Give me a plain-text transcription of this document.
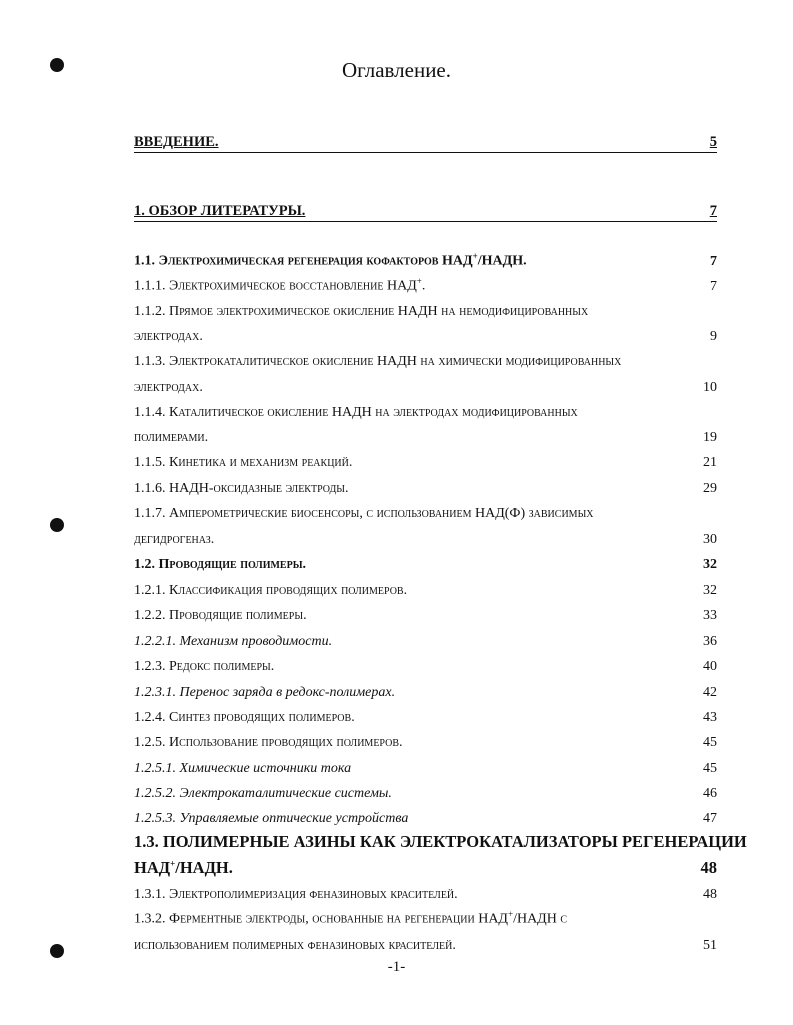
Оглавление.
ВВЕДЕНИЕ.	5
1. ОБЗОР ЛИТЕРАТУРЫ.	7
1.1. Электрохимическая регенерация кофакторов НАД+/НАДН.	7
1.1.1. Электрохимическое восстановление НАД+.	7
1.1.2. Прямое электрохимическое окисление НАДН на немодифицированных
электродах.	9
1.1.3. Электрокаталитическое окисление НАДН на химически модифицированных
электродах.	10
1.1.4. Каталитическое окисление НАДН на электродах модифицированных
полимерами.	19
1.1.5. Кинетика и механизм реакций.	21
1.1.6. НАДН-оксидазные электроды.	29
1.1.7. Амперометрические биосенсоры, с использованием НАД(Ф) зависимых
дегидрогеназ.	30
1.2. Проводящие полимеры.	32
1.2.1. Классификация проводящих полимеров.	32
1.2.2. Проводящие полимеры.	33
1.2.2.1. Механизм проводимости.	36
1.2.3. Редокс полимеры.	40
1.2.3.1. Перенос заряда в редокс-полимерах.	42
1.2.4. Синтез проводящих полимеров.	43
1.2.5. Использование проводящих полимеров.	45
1.2.5.1. Химические источники тока	45
1.2.5.2. Электрокаталитические системы.	46
1.2.5.3. Управляемые оптические устройства	47
1.3. ПОЛИМЕРНЫЕ АЗИНЫ КАК ЭЛЕКТРОКАТАЛИЗАТОРЫ РЕГЕНЕРАЦИИ
НАД+/НАДН.	48
1.3.1. Электрополимеризация феназиновых красителей.	48
1.3.2. Ферментные электроды, основанные на регенерации НАД+/НАДН с
использованием полимерных феназиновых красителей.	51
-1-
